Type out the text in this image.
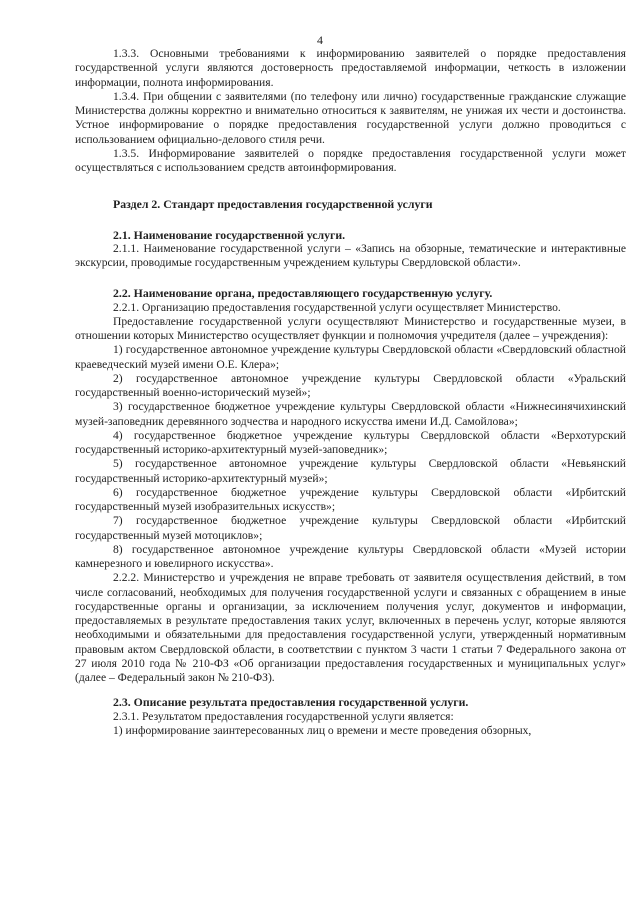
4

1.3.3. Основными требованиями к информированию заявителей о порядке предоставления государственной услуги являются достоверность предоставляемой информации, четкость в изложении информации, полнота информирования.

1.3.4. При общении с заявителями (по телефону или лично) государственные гражданские служащие Министерства должны корректно и внимательно относиться к заявителям, не унижая их чести и достоинства. Устное информирование о порядке предоставления государственной услуги должно проводиться с использованием официально-делового стиля речи.

1.3.5. Информирование заявителей о порядке предоставления государственной услуги может осуществляться с использованием средств автоинформирования.

Раздел 2. Стандарт предоставления государственной услуги
2.1. Наименование государственной услуги.

2.1.1. Наименование государственной услуги – «Запись на обзорные, тематические и интерактивные экскурсии, проводимые государственным учреждением культуры Свердловской области».

2.2. Наименование органа, предоставляющего государственную услугу.

2.2.1. Организацию предоставления государственной услуги осуществляет Министерство.

Предоставление государственной услуги осуществляют Министерство и государственные музеи, в отношении которых Министерство осуществляет функции и полномочия учредителя (далее – учреждения):

1) государственное автономное учреждение культуры Свердловской области «Свердловский областной краеведческий музей имени О.Е. Клера»;

2) государственное автономное учреждение культуры Свердловской области «Уральский государственный военно-исторический музей»;

3) государственное бюджетное учреждение культуры Свердловской области «Нижнесинячихинский музей-заповедник деревянного зодчества и народного искусства имени И.Д. Самойлова»;

4) государственное бюджетное учреждение культуры Свердловской области «Верхотурский государственный историко-архитектурный музей-заповедник»;

5) государственное автономное учреждение культуры Свердловской области «Невьянский государственный историко-архитектурный музей»;

6) государственное бюджетное учреждение культуры Свердловской области «Ирбитский государственный музей изобразительных искусств»;

7) государственное бюджетное учреждение культуры Свердловской области «Ирбитский государственный музей мотоциклов»;

8) государственное автономное учреждение культуры Свердловской области «Музей истории камнерезного и ювелирного искусства».

2.2.2. Министерство и учреждения не вправе требовать от заявителя осуществления действий, в том числе согласований, необходимых для получения государственной услуги и связанных с обращением в иные государственные органы и организации, за исключением получения услуг, документов и информации, предоставляемых в результате предоставления таких услуг, включенных в перечень услуг, которые являются необходимыми и обязательными для предоставления государственной услуги, утвержденный нормативным правовым актом Свердловской области, в соответствии с пунктом 3 части 1 статьи 7 Федерального закона от 27 июля 2010 года № 210-ФЗ «Об организации предоставления государственных и муниципальных услуг» (далее – Федеральный закон № 210-ФЗ).

2.3. Описание результата предоставления государственной услуги.

2.3.1. Результатом предоставления государственной услуги является:

1) информирование заинтересованных лиц о времени и месте проведения обзорных,
